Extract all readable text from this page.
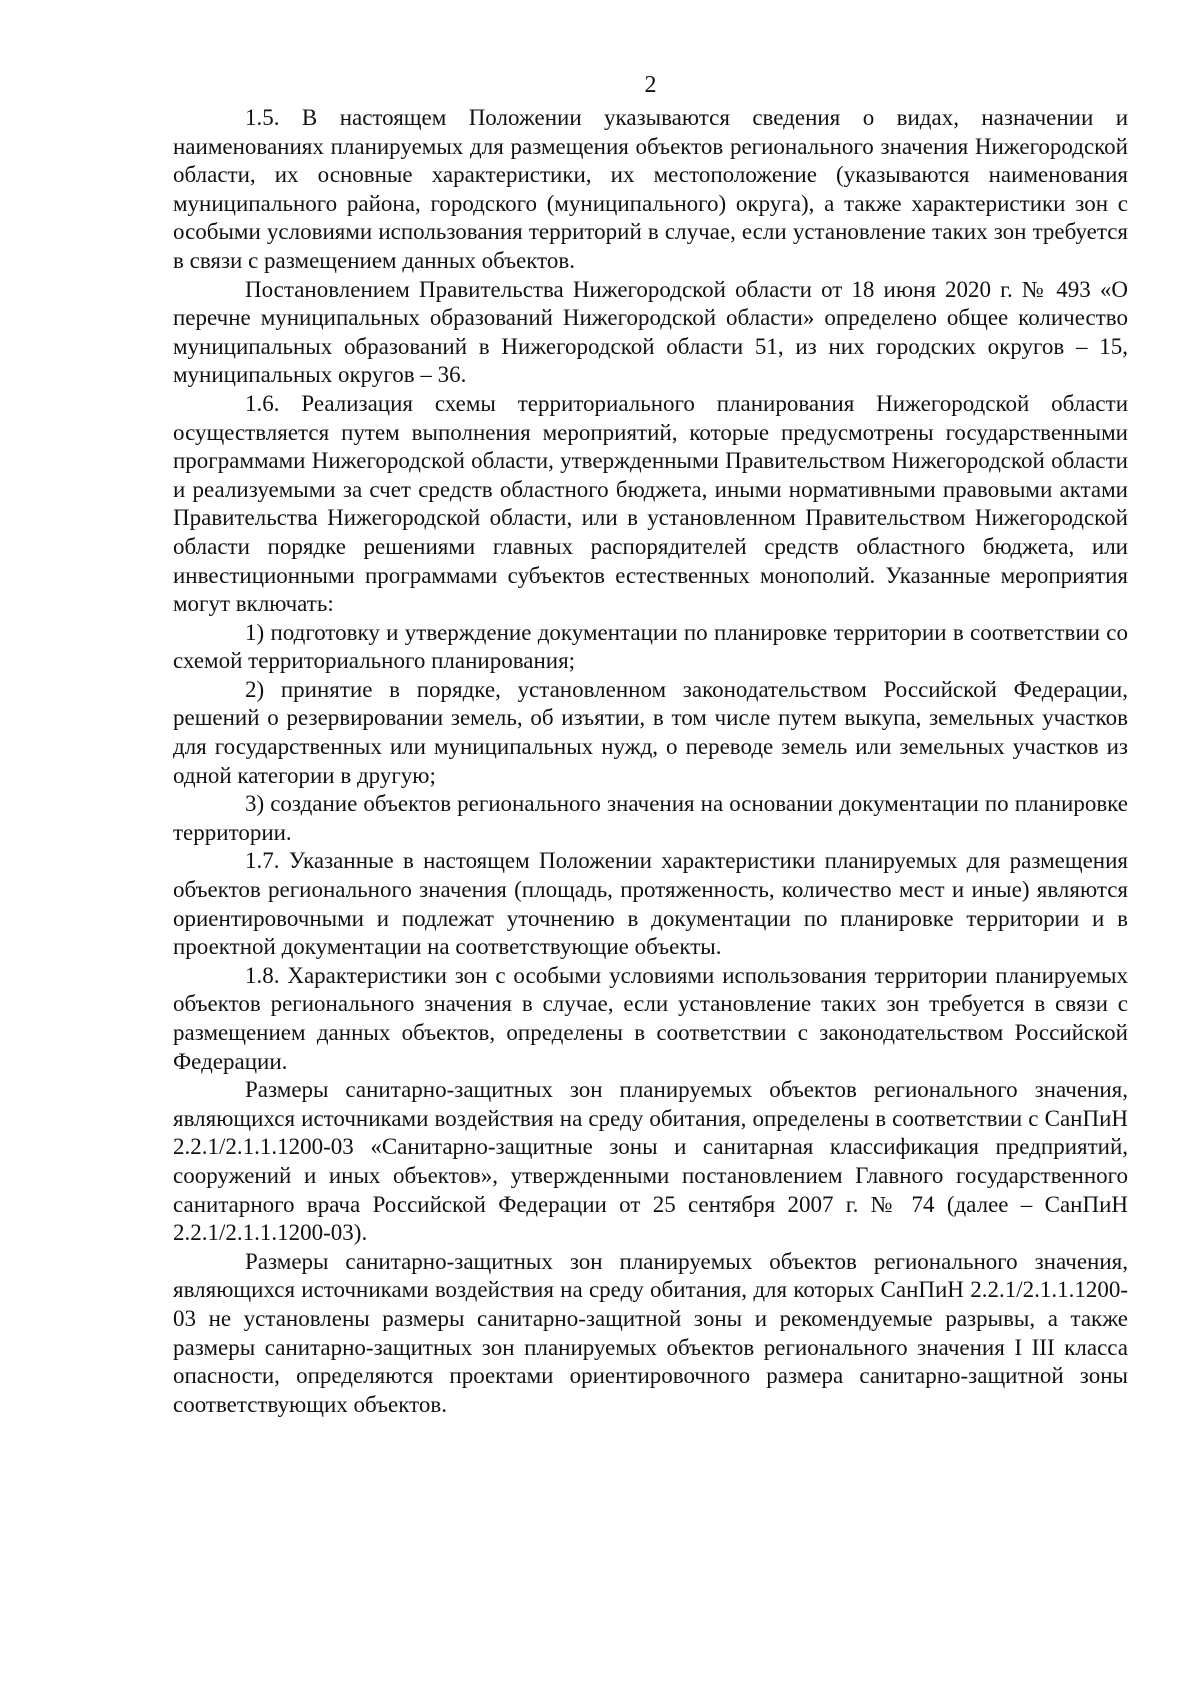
2

1.5. В настоящем Положении указываются сведения о видах, назначении и наименованиях планируемых для размещения объектов регионального значения Нижегородской области, их основные характеристики, их местоположение (указываются наименования муниципального района, городского (муниципального) округа), а также характеристики зон с особыми условиями использования территорий в случае, если установление таких зон требуется в связи с размещением данных объектов.

Постановлением Правительства Нижегородской области от 18 июня 2020 г. № 493 «О перечне муниципальных образований Нижегородской области» определено общее количество муниципальных образований в Нижегородской области 51, из них городских округов – 15, муниципальных округов – 36.

1.6. Реализация схемы территориального планирования Нижегородской области осуществляется путем выполнения мероприятий, которые предусмотрены государственными программами Нижегородской области, утвержденными Правительством Нижегородской области и реализуемыми за счет средств областного бюджета, иными нормативными правовыми актами Правительства Нижегородской области, или в установленном Правительством Нижегородской области порядке решениями главных распорядителей средств областного бюджета, или инвестиционными программами субъектов естественных монополий. Указанные мероприятия могут включать:

1) подготовку и утверждение документации по планировке территории в соответствии со схемой территориального планирования;

2) принятие в порядке, установленном законодательством Российской Федерации, решений о резервировании земель, об изъятии, в том числе путем выкупа, земельных участков для государственных или муниципальных нужд, о переводе земель или земельных участков из одной категории в другую;

3) создание объектов регионального значения на основании документации по планировке территории.

1.7. Указанные в настоящем Положении характеристики планируемых для размещения объектов регионального значения (площадь, протяженность, количество мест и иные) являются ориентировочными и подлежат уточнению в документации по планировке территории и в проектной документации на соответствующие объекты.

1.8. Характеристики зон с особыми условиями использования территории планируемых объектов регионального значения в случае, если установление таких зон требуется в связи с размещением данных объектов, определены в соответствии с законодательством Российской Федерации.

Размеры санитарно-защитных зон планируемых объектов регионального значения, являющихся источниками воздействия на среду обитания, определены в соответствии с СанПиН 2.2.1/2.1.1.1200-03 «Санитарно-защитные зоны и санитарная классификация предприятий, сооружений и иных объектов», утвержденными постановлением Главного государственного санитарного врача Российской Федерации от 25 сентября 2007 г. № 74 (далее – СанПиН 2.2.1/2.1.1.1200-03).

Размеры санитарно-защитных зон планируемых объектов регионального значения, являющихся источниками воздействия на среду обитания, для которых СанПиН 2.2.1/2.1.1.1200-03 не установлены размеры санитарно-защитной зоны и рекомендуемые разрывы, а также размеры санитарно-защитных зон планируемых объектов регионального значения I III класса опасности, определяются проектами ориентировочного размера санитарно-защитной зоны соответствующих объектов.
